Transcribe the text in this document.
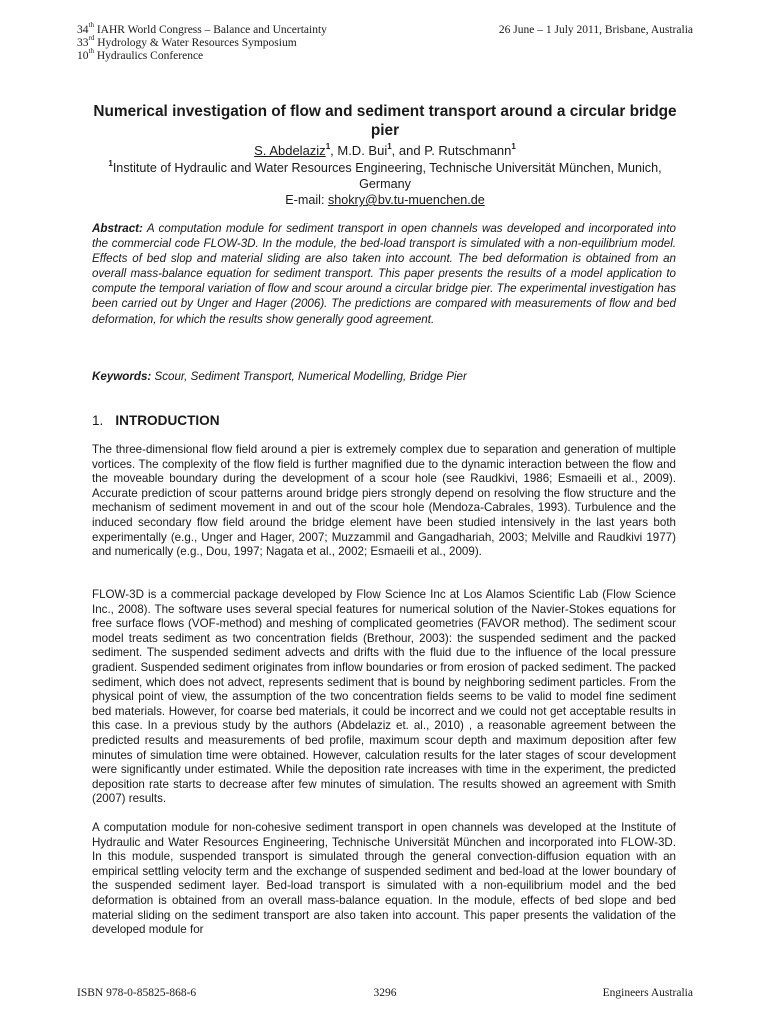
34th IAHR World Congress – Balance and Uncertainty
33rd Hydrology & Water Resources Symposium
10th Hydraulics Conference
26 June – 1 July 2011, Brisbane, Australia
Numerical investigation of flow and sediment transport around a circular bridge pier
S. Abdelaziz$^1$, M.D. Bui$^1$, and P. Rutschmann$^1$
$^1$Institute of Hydraulic and Water Resources Engineering, Technische Universität München, Munich, Germany
E-mail: shokry@bv.tu-muenchen.de
Abstract: A computation module for sediment transport in open channels was developed and incorporated into the commercial code FLOW-3D. In the module, the bed-load transport is simulated with a non-equilibrium model. Effects of bed slop and material sliding are also taken into account. The bed deformation is obtained from an overall mass-balance equation for sediment transport. This paper presents the results of a model application to compute the temporal variation of flow and scour around a circular bridge pier. The experimental investigation has been carried out by Unger and Hager (2006). The predictions are compared with measurements of flow and bed deformation, for which the results show generally good agreement.
Keywords: Scour, Sediment Transport, Numerical Modelling, Bridge Pier
1. INTRODUCTION
The three-dimensional flow field around a pier is extremely complex due to separation and generation of multiple vortices. The complexity of the flow field is further magnified due to the dynamic interaction between the flow and the moveable boundary during the development of a scour hole (see Raudkivi, 1986; Esmaeili et al., 2009). Accurate prediction of scour patterns around bridge piers strongly depend on resolving the flow structure and the mechanism of sediment movement in and out of the scour hole (Mendoza-Cabrales, 1993). Turbulence and the induced secondary flow field around the bridge element have been studied intensively in the last years both experimentally (e.g., Unger and Hager, 2007; Muzzammil and Gangadhariah, 2003; Melville and Raudkivi 1977) and numerically (e.g., Dou, 1997; Nagata et al., 2002; Esmaeili et al., 2009).
FLOW-3D is a commercial package developed by Flow Science Inc at Los Alamos Scientific Lab (Flow Science Inc., 2008). The software uses several special features for numerical solution of the Navier-Stokes equations for free surface flows (VOF-method) and meshing of complicated geometries (FAVOR method). The sediment scour model treats sediment as two concentration fields (Brethour, 2003): the suspended sediment and the packed sediment. The suspended sediment advects and drifts with the fluid due to the influence of the local pressure gradient. Suspended sediment originates from inflow boundaries or from erosion of packed sediment. The packed sediment, which does not advect, represents sediment that is bound by neighboring sediment particles. From the physical point of view, the assumption of the two concentration fields seems to be valid to model fine sediment bed materials. However, for coarse bed materials, it could be incorrect and we could not get acceptable results in this case. In a previous study by the authors (Abdelaziz et. al., 2010) , a reasonable agreement between the predicted results and measurements of bed profile, maximum scour depth and maximum deposition after few minutes of simulation time were obtained. However, calculation results for the later stages of scour development were significantly under estimated. While the deposition rate increases with time in the experiment, the predicted deposition rate starts to decrease after few minutes of simulation. The results showed an agreement with Smith (2007) results.
A computation module for non-cohesive sediment transport in open channels was developed at the Institute of Hydraulic and Water Resources Engineering, Technische Universität München and incorporated into FLOW-3D. In this module, suspended transport is simulated through the general convection-diffusion equation with an empirical settling velocity term and the exchange of suspended sediment and bed-load at the lower boundary of the suspended sediment layer. Bed-load transport is simulated with a non-equilibrium model and the bed deformation is obtained from an overall mass-balance equation. In the module, effects of bed slope and bed material sliding on the sediment transport are also taken into account. This paper presents the validation of the developed module for
ISBN 978-0-85825-868-6	3296	Engineers Australia
